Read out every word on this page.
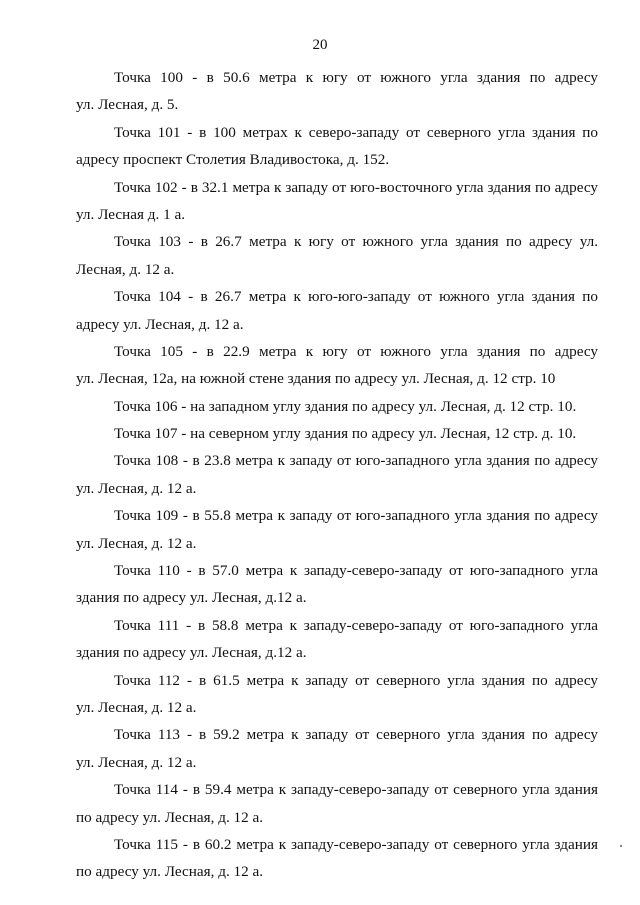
20
Точка 100 - в 50.6 метра к югу от южного угла здания по адресу
ул. Лесная, д. 5.
Точка 101 - в 100 метрах к северо-западу от северного угла здания по
адресу проспект Столетия Владивостока, д. 152.
Точка 102 - в 32.1 метра к западу от юго-восточного угла здания по адресу
ул. Лесная д. 1 а.
Точка 103 - в 26.7 метра к югу от южного угла здания по адресу ул.
Лесная, д. 12 а.
Точка 104 - в 26.7 метра к юго-юго-западу от южного угла здания по
адресу ул. Лесная, д. 12 а.
Точка 105 - в 22.9 метра к югу от южного угла здания по адресу
ул. Лесная, 12а, на южной стене здания по адресу ул. Лесная, д. 12 стр. 10
Точка 106 - на западном углу здания по адресу ул. Лесная, д. 12 стр. 10.
Точка 107 - на северном углу здания по адресу ул. Лесная, 12 стр. д. 10.
Точка 108 - в 23.8 метра к западу от юго-западного угла здания по адресу
ул. Лесная, д. 12 а.
Точка 109 - в 55.8 метра к западу от юго-западного угла здания по адресу
ул. Лесная, д. 12 а.
Точка 110 - в 57.0 метра к западу-северо-западу от юго-западного угла
здания по адресу ул. Лесная, д.12 а.
Точка 111 - в 58.8 метра к западу-северо-западу от юго-западного угла
здания по адресу ул. Лесная, д.12 а.
Точка 112 - в 61.5 метра к западу от северного угла здания по адресу
ул. Лесная, д. 12 а.
Точка 113 - в 59.2 метра к западу от северного угла здания по адресу
ул. Лесная, д. 12 а.
Точка 114 - в 59.4 метра к западу-северо-западу от северного угла здания
по адресу ул. Лесная, д. 12 а.
Точка 115 - в 60.2 метра к западу-северо-западу от северного угла здания
по адресу ул. Лесная, д. 12 а.
